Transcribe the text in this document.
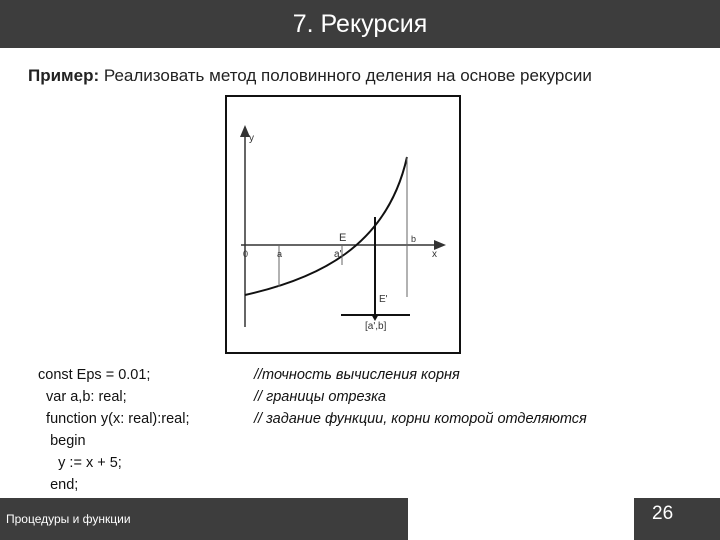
7. Рекурсия
Пример: Реализовать метод половинного деления на основе рекурсии
y
x
0	a	a'
b
E
E'
[a',b]
const Eps = 0.01;
var a,b: real;
function y(x: real):real;
begin
y := x + 5;
end;
//точность вычисления корня
// границы отрезка
// задание функции, корни которой отделяются
Процедуры и функции	26
